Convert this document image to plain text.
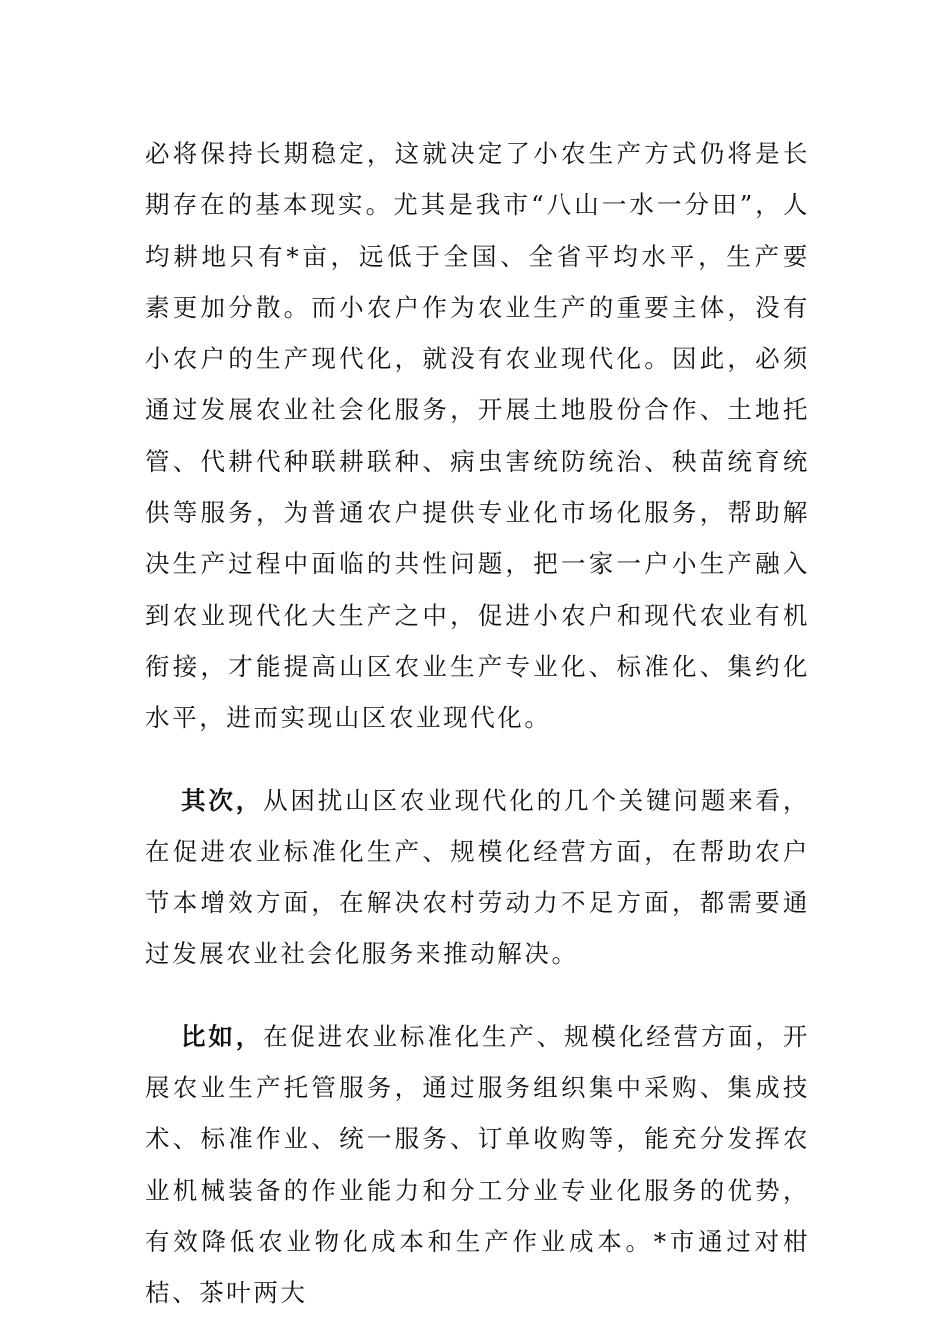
必将保持长期稳定，这就决定了小农生产方式仍将是长期存在的基本现实。尤其是我市“八山一水一分田”，人均耕地只有*亩，远低于全国、全省平均水平，生产要素更加分散。而小农户作为农业生产的重要主体，没有小农户的生产现代化，就没有农业现代化。因此，必须通过发展农业社会化服务，开展土地股份合作、土地托管、代耕代种联耕联种、病虫害统防统治、秧苗统育统供等服务，为普通农户提供专业化市场化服务，帮助解决生产过程中面临的共性问题，把一家一户小生产融入到农业现代化大生产之中，促进小农户和现代农业有机衔接，才能提高山区农业生产专业化、标准化、集约化水平，进而实现山区农业现代化。

其次，从困扰山区农业现代化的几个关键问题来看，在促进农业标准化生产、规模化经营方面，在帮助农户节本增效方面，在解决农村劳动力不足方面，都需要通过发展农业社会化服务来推动解决。

比如，在促进农业标准化生产、规模化经营方面，开展农业生产托管服务，通过服务组织集中采购、集成技术、标准作业、统一服务、订单收购等，能充分发挥农业机械装备的作业能力和分工分业专业化服务的优势，有效降低农业物化成本和生产作业成本。*市通过对柑桔、茶叶两大
